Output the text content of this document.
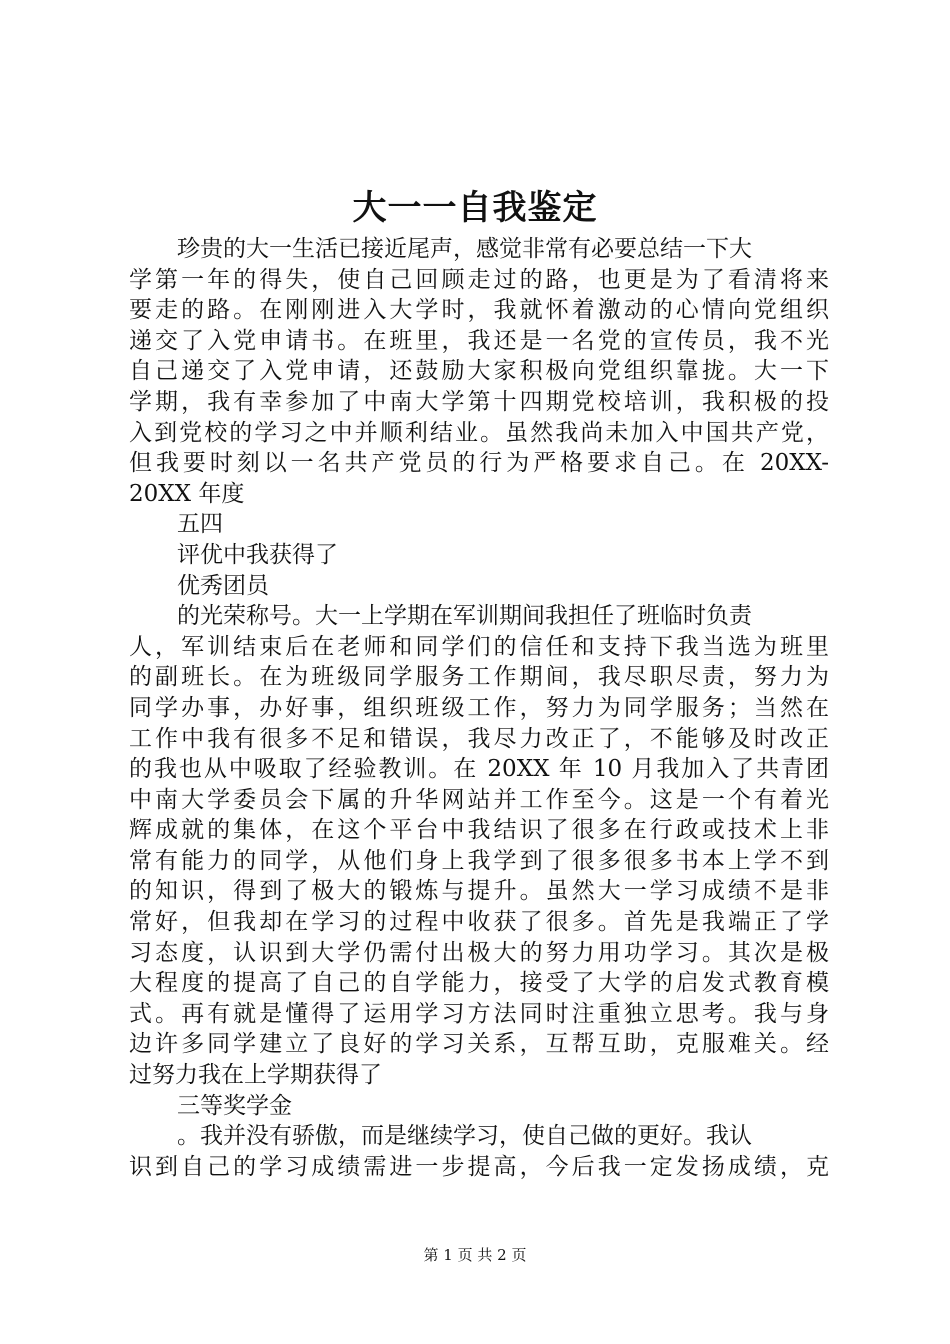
大一一自我鉴定
珍贵的大一生活已接近尾声，感觉非常有必要总结一下大
学第一年的得失，使自己回顾走过的路，也更是为了看清将来
要走的路。在刚刚进入大学时，我就怀着激动的心情向党组织
递交了入党申请书。在班里，我还是一名党的宣传员，我不光
自己递交了入党申请，还鼓励大家积极向党组织靠拢。大一下
学期，我有幸参加了中南大学第十四期党校培训，我积极的投
入到党校的学习之中并顺利结业。虽然我尚未加入中国共产党，
但我要时刻以一名共产党员的行为严格要求自己。在 20XX-
20XX 年度
五四
评优中我获得了
优秀团员
的光荣称号。大一上学期在军训期间我担任了班临时负责
人，军训结束后在老师和同学们的信任和支持下我当选为班里
的副班长。在为班级同学服务工作期间，我尽职尽责，努力为
同学办事，办好事，组织班级工作，努力为同学服务；当然在
工作中我有很多不足和错误，我尽力改正了，不能够及时改正
的我也从中吸取了经验教训。在 20XX 年 10 月我加入了共青团
中南大学委员会下属的升华网站并工作至今。这是一个有着光
辉成就的集体，在这个平台中我结识了很多在行政或技术上非
常有能力的同学，从他们身上我学到了很多很多书本上学不到
的知识，得到了极大的锻炼与提升。虽然大一学习成绩不是非
常好，但我却在学习的过程中收获了很多。首先是我端正了学
习态度，认识到大学仍需付出极大的努力用功学习。其次是极
大程度的提高了自己的自学能力，接受了大学的启发式教育模
式。再有就是懂得了运用学习方法同时注重独立思考。我与身
边许多同学建立了良好的学习关系，互帮互助，克服难关。经
过努力我在上学期获得了
三等奖学金
。我并没有骄傲，而是继续学习，使自己做的更好。我认
识到自己的学习成绩需进一步提高，今后我一定发扬成绩，克
第 1 页 共 2 页
